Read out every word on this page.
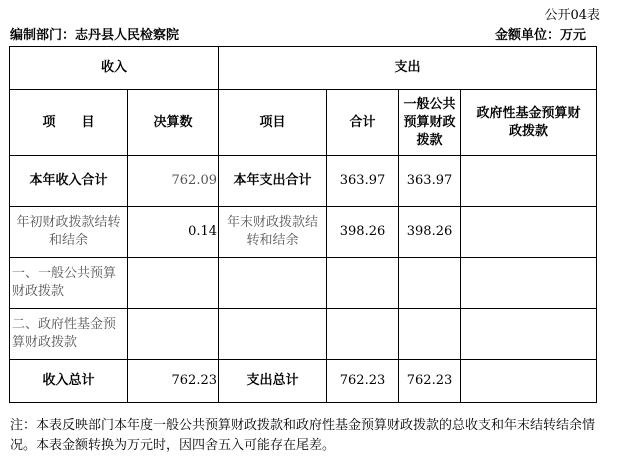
公开04表
编制部门：志丹县人民检察院	金额单位：万元
收入		支出			
项　　目	决算数	项目	合计	一般公共预算财政拨款	政府性基金预算财政拨款
本年收入合计	762.09	本年支出合计	363.97	363.97	
年初财政拨款结转和结余	0.14	年末财政拨款结转和结余	398.26	398.26	
一、一般公共预算财政拨款					
二、政府性基金预算财政拨款					
收入总计	762.23	支出总计	762.23	762.23	
注：本表反映部门本年度一般公共预算财政拨款和政府性基金预算财政拨款的总收支和年末结转结余情况。本表金额转换为万元时，因四舍五入可能存在尾差。
